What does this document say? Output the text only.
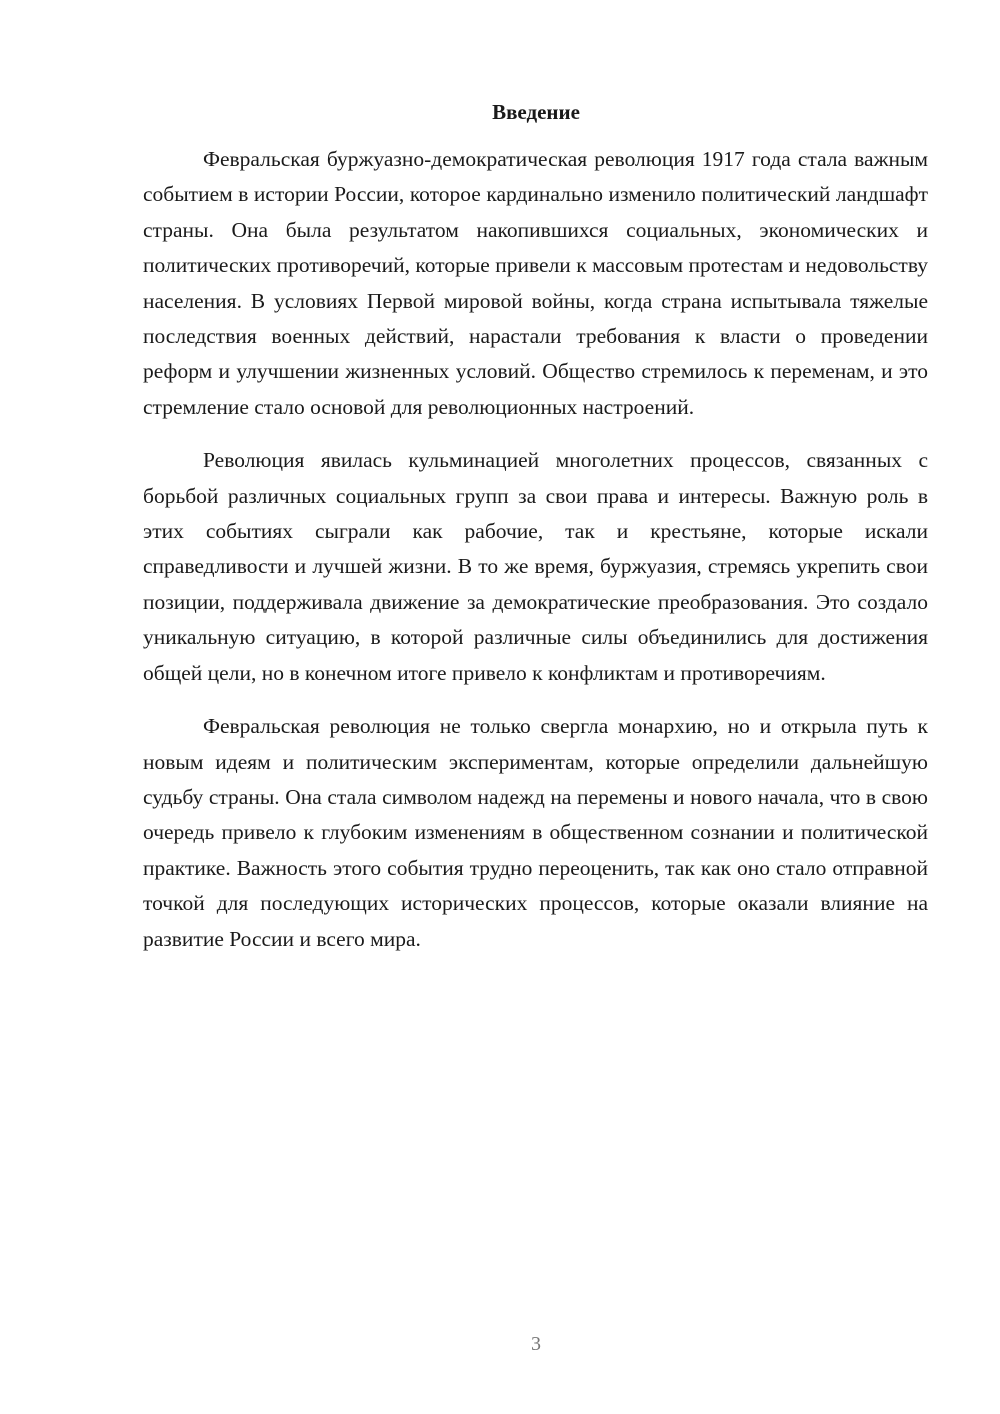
Введение

Февральская буржуазно-демократическая революция 1917 года стала важным событием в истории России, которое кардинально изменило политический ландшафт страны. Она была результатом накопившихся социальных, экономических и политических противоречий, которые привели к массовым протестам и недовольству населения. В условиях Первой мировой войны, когда страна испытывала тяжелые последствия военных действий, нарастали требования к власти о проведении реформ и улучшении жизненных условий. Общество стремилось к переменам, и это стремление стало основой для революционных настроений.

Революция явилась кульминацией многолетних процессов, связанных с борьбой различных социальных групп за свои права и интересы. Важную роль в этих событиях сыграли как рабочие, так и крестьяне, которые искали справедливости и лучшей жизни. В то же время, буржуазия, стремясь укрепить свои позиции, поддерживала движение за демократические преобразования. Это создало уникальную ситуацию, в которой различные силы объединились для достижения общей цели, но в конечном итоге привело к конфликтам и противоречиям.

Февральская революция не только свергла монархию, но и открыла путь к новым идеям и политическим экспериментам, которые определили дальнейшую судьбу страны. Она стала символом надежд на перемены и нового начала, что в свою очередь привело к глубоким изменениям в общественном сознании и политической практике. Важность этого события трудно переоценить, так как оно стало отправной точкой для последующих исторических процессов, которые оказали влияние на развитие России и всего мира.

3
